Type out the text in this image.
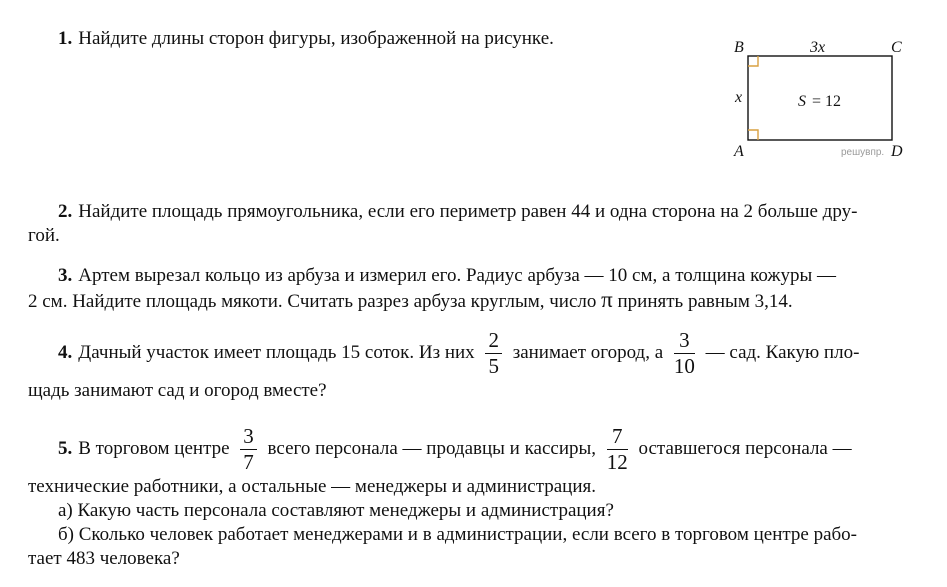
1. Найдите длины сторон фигуры, изображенной на рисунке.	B	C
A	D
3x
x	S = 12
решувпр.
2. Найдите площадь прямоугольника, если его периметр равен 44 и одна сторона на 2 больше дру-
гой.
3. Артем вырезал кольцо из арбуза и измерил его. Радиус арбуза — 10 см, а толщина кожуры —
2 см. Найдите площадь мякоти. Считать разрез арбуза круглым, число π принять равным 3,14.
4. Дачный участок имеет площадь 15 соток. Из них $\frac{2}{5}$ занимает огород, а $\frac{3}{10}$ — сад. Какую пло-
щадь занимают сад и огород вместе?
5. В торговом центре $\frac{3}{7}$ всего персонала — продавцы и кассиры, $\frac{7}{12}$ оставшегося персонала —
технические работники, а остальные — менеджеры и администрация.
а) Какую часть персонала составляют менеджеры и администрация?
б) Сколько человек работает менеджерами и в администрации, если всего в торговом центре рабо-
тает 483 человека?
